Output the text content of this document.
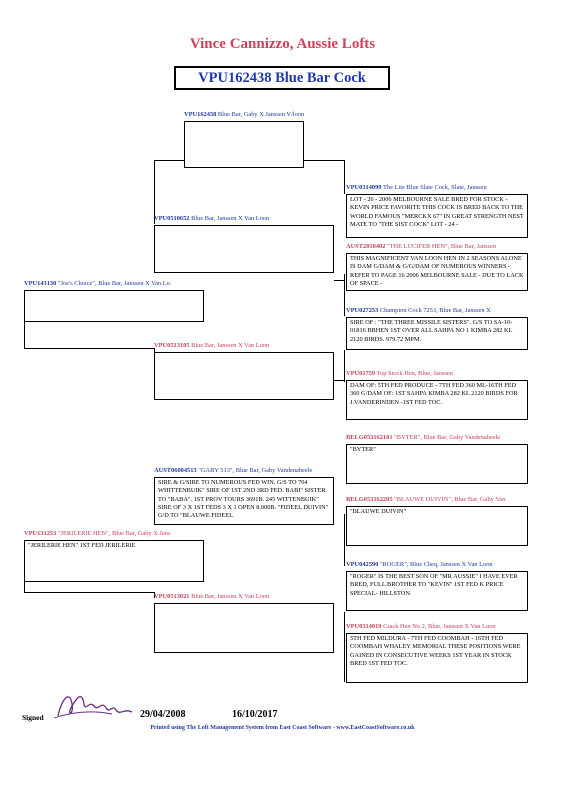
Vince Cannizzo, Aussie Lofts
VPU162438 Blue Bar Cock
VPU162438 Blue Bar, Gaby X Janssen V/loon
VPU0510652 Blue Bar, Janssen X Van Loon
VPU143130 "Joe's Choice", Blue Bar, Janssen X Van Lo
VPU0513105 Blue Bar, Janssen X Van Loon
VPU0314099 The Lite Blue Slate Cock, Slate, Janssen
LOT - 26 - 2006 MELBOURNE SALE BRED FOR STOCK - KEVIN PRICE FAVORITE THIS COCK IS BRED BACK TO THE WORLD FAMOUS "MERCKX 67" IN GREAT STRENGTH NEST MATE TO "THE SIST COCK" LOT - 24 -
AUST2010402 "THE LUCIFER HEN", Blue Bar, Janssen
THIS MAGNIFICENT VAN LOON HEN IN 2 SEASONS ALONE IS DAM G/DAM & G/G/DAM OF NUMEROUS WINNERS - REFER TO PAGE 16 2006 MELBOURNE SALE - DUE TO LACK OF SPACE -
VPU027253 Champion Cock 7253, Blue Bar, Janssen X
SIRE OF : "THE THREE MISSILE SISTERS". G/S TO SA-10-01816 BBHEN 1ST OVER ALL SAHPA NO 1 KIMBA 282 KL 2120 BIRDS. 979.72 MPM.
VPU01759 Top Stock Hen, Blue, Janssen
DAM OF: 5TH FED PRODUCE - 7TH FED 360 ML-16TH FED 360 G/DAM OF: 1ST SAHPA KIMBA 282 KL 2120 BIRDS FOR J.VANDERINDEN -1ST FED TOC.
AUST06004513 "GABY 513", Blue Bar, Gaby Vandenabeele
SIRE & G/SIRE TO NUMEROUS FED WIN. G/S TO 704 WHITTENBUIK" SIRE OF 1ST 2ND 3RD FED. BABI" SISTER TO "BABA". 1ST PROV TOURS 3691B. 245 WITTENBUIK" SIRE OF 3 X 1ST FEDS 3 X 1 OPEN 8.000B. "FIDEEL DUIVIN" G/D TO "BLAUWE FIDEEL
BELG053162101 "BYTER", Blue Bar, Gaby Vandenabeele
"BYTER"
BELG053162205 "BLAUWE DUIVIN", Blue Bar, Gaby Van
"BLAUWE DUIVIN"
VPU131253 "JERILERIE HEN", Blue Bar, Gaby X Jans
"JERILERIE HEN" 1ST FED JERILERIE
VPU042590 "ROGER", Blue Cheq, Janssen X Van Loon
"ROGER" IS THE BEST SON OF "MR AUSSIE" I HAVE EVER BRED, FULL BROTHER TO "KEVIN" 1ST FED K PRICE SPECIAL- HILLSTON.
VPU0513021 Blue Bar, Janssen X Van Loon
VPU0314019 Crack Hen No 2, Blue, Janssen X Van Loon
5TH FED MILDURA - 7TH FED COOMBAH - 16TH FED COOMBAH WHALEY MEMORIAL THESE POSITIONS WERE GAINED IN CONSECUTIVE WEEKS 1ST YEAR IN STOCK BRED 1ST FED TOC.
Signed	29/04/2008	16/10/2017
Printed using The Loft Management System from East Coast Software - www.EastCoastSoftware.co.uk
